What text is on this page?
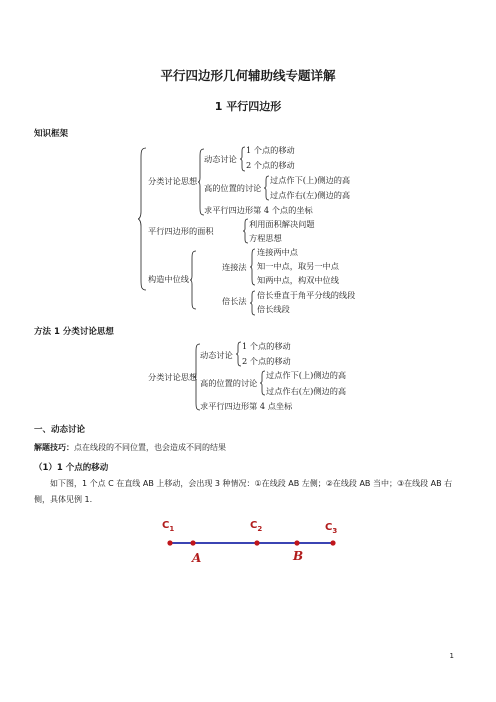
平行四边形几何辅助线专题详解
1 平行四边形
知识框架
分类讨论思想
动态讨论
1 个点的移动
2 个点的移动
高的位置的讨论
过点作下(上)侧边的高
过点作右(左)侧边的高
求平行四边形第 4 个点的坐标
平行四边形的面积
利用面积解决问题
方程思想
构造中位线
连接法
连接两中点
知一中点，取另一中点
知两中点，构双中位线
倍长法
倍长垂直于角平分线的线段
倍长线段
方法 1 分类讨论思想
分类讨论思想
动态讨论
1 个点的移动
2 个点的移动
高的位置的讨论
过点作下(上)侧边的高
过点作右(左)侧边的高
求平行四边形第 4 点坐标
一、动态讨论
解题技巧：点在线段的不同位置，也会造成不同的结果
（1）1 个点的移动
如下图，1 个点 C 在直线 AB 上移动，会出现 3 种情况：①在线段 AB 左侧；②在线段 AB 当中；③在线段 AB 右侧，具体见例 1.
$C_1$	$C_2$	$C_3$
A	B
1
